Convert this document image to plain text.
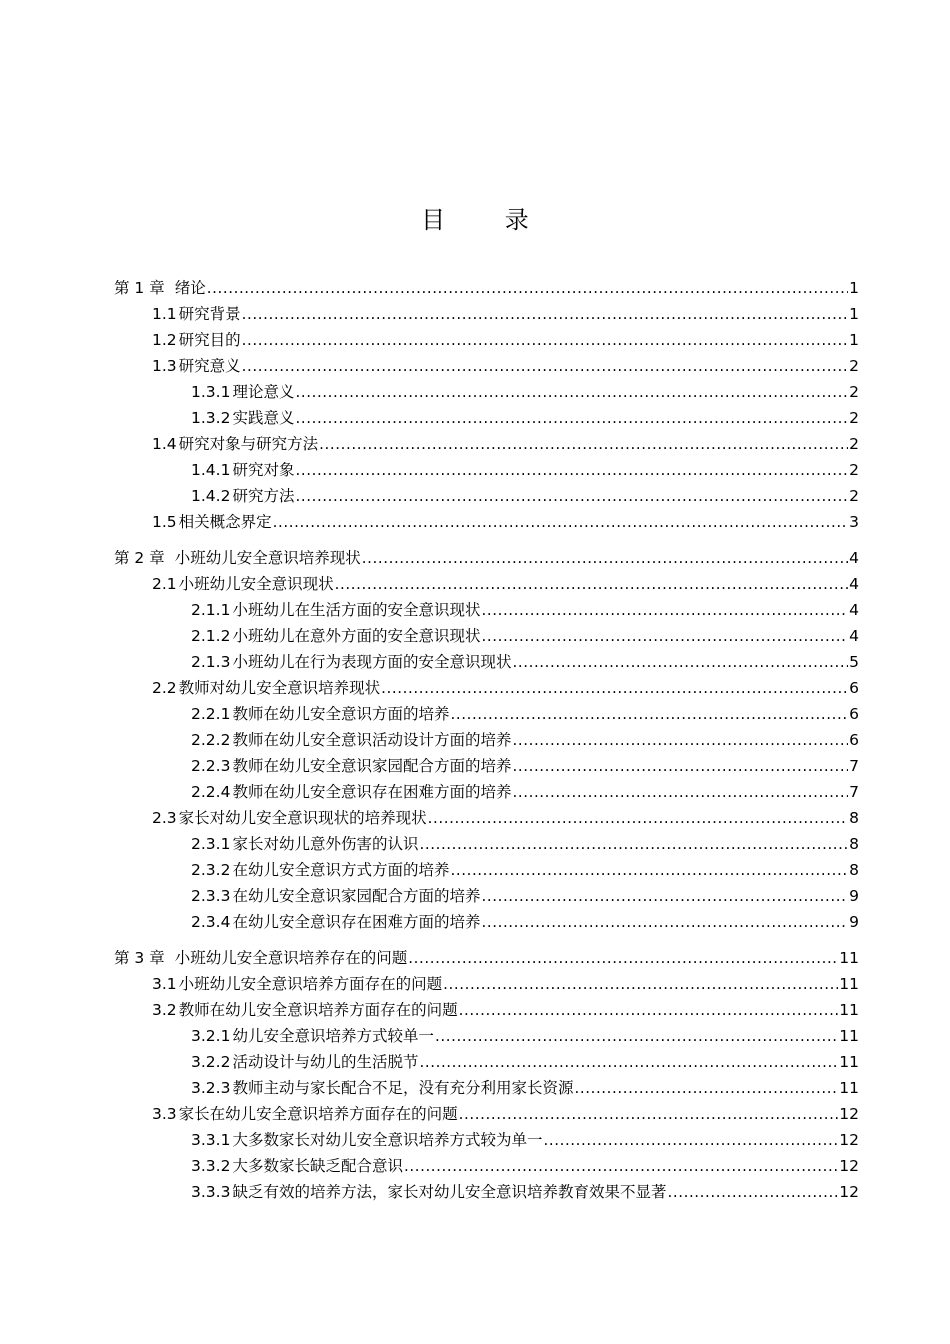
目 录
第 1 章 绪论 .....	1
1.1 研究背景 .....	1
1.2 研究目的 .....	1
1.3 研究意义 .....	2
1.3.1 理论意义 .....	2
1.3.2 实践意义 .....	2
1.4 研究对象与研究方法 .....	2
1.4.1 研究对象 .....	2
1.4.2 研究方法 .....	2
1.5 相关概念界定 .....	3
第 2 章 小班幼儿安全意识培养现状 .....	4
2.1 小班幼儿安全意识现状 .....	4
2.1.1 小班幼儿在生活方面的安全意识现状 .....	4
2.1.2 小班幼儿在意外方面的安全意识现状 .....	4
2.1.3 小班幼儿在行为表现方面的安全意识现状 .....	5
2.2 教师对幼儿安全意识培养现状 .....	6
2.2.1 教师在幼儿安全意识方面的培养 .....	6
2.2.2 教师在幼儿安全意识活动设计方面的培养 .....	6
2.2.3 教师在幼儿安全意识家园配合方面的培养 .....	7
2.2.4 教师在幼儿安全意识存在困难方面的培养 .....	7
2.3 家长对幼儿安全意识现状的培养现状 .....	8
2.3.1 家长对幼儿意外伤害的认识 .....	8
2.3.2 在幼儿安全意识方式方面的培养 .....	8
2.3.3 在幼儿安全意识家园配合方面的培养 .....	9
2.3.4 在幼儿安全意识存在困难方面的培养 .....	9
第 3 章 小班幼儿安全意识培养存在的问题 .....	11
3.1 小班幼儿安全意识培养方面存在的问题 .....	11
3.2 教师在幼儿安全意识培养方面存在的问题 .....	11
3.2.1 幼儿安全意识培养方式较单一 .....	11
3.2.2 活动设计与幼儿的生活脱节 .....	11
3.2.3 教师主动与家长配合不足，没有充分利用家长资源 .....	11
3.3 家长在幼儿安全意识培养方面存在的问题 .....	12
3.3.1 大多数家长对幼儿安全意识培养方式较为单一 .....	12
3.3.2 大多数家长缺乏配合意识 .....	12
3.3.3 缺乏有效的培养方法，家长对幼儿安全意识培养教育效果不显著 .....	12
